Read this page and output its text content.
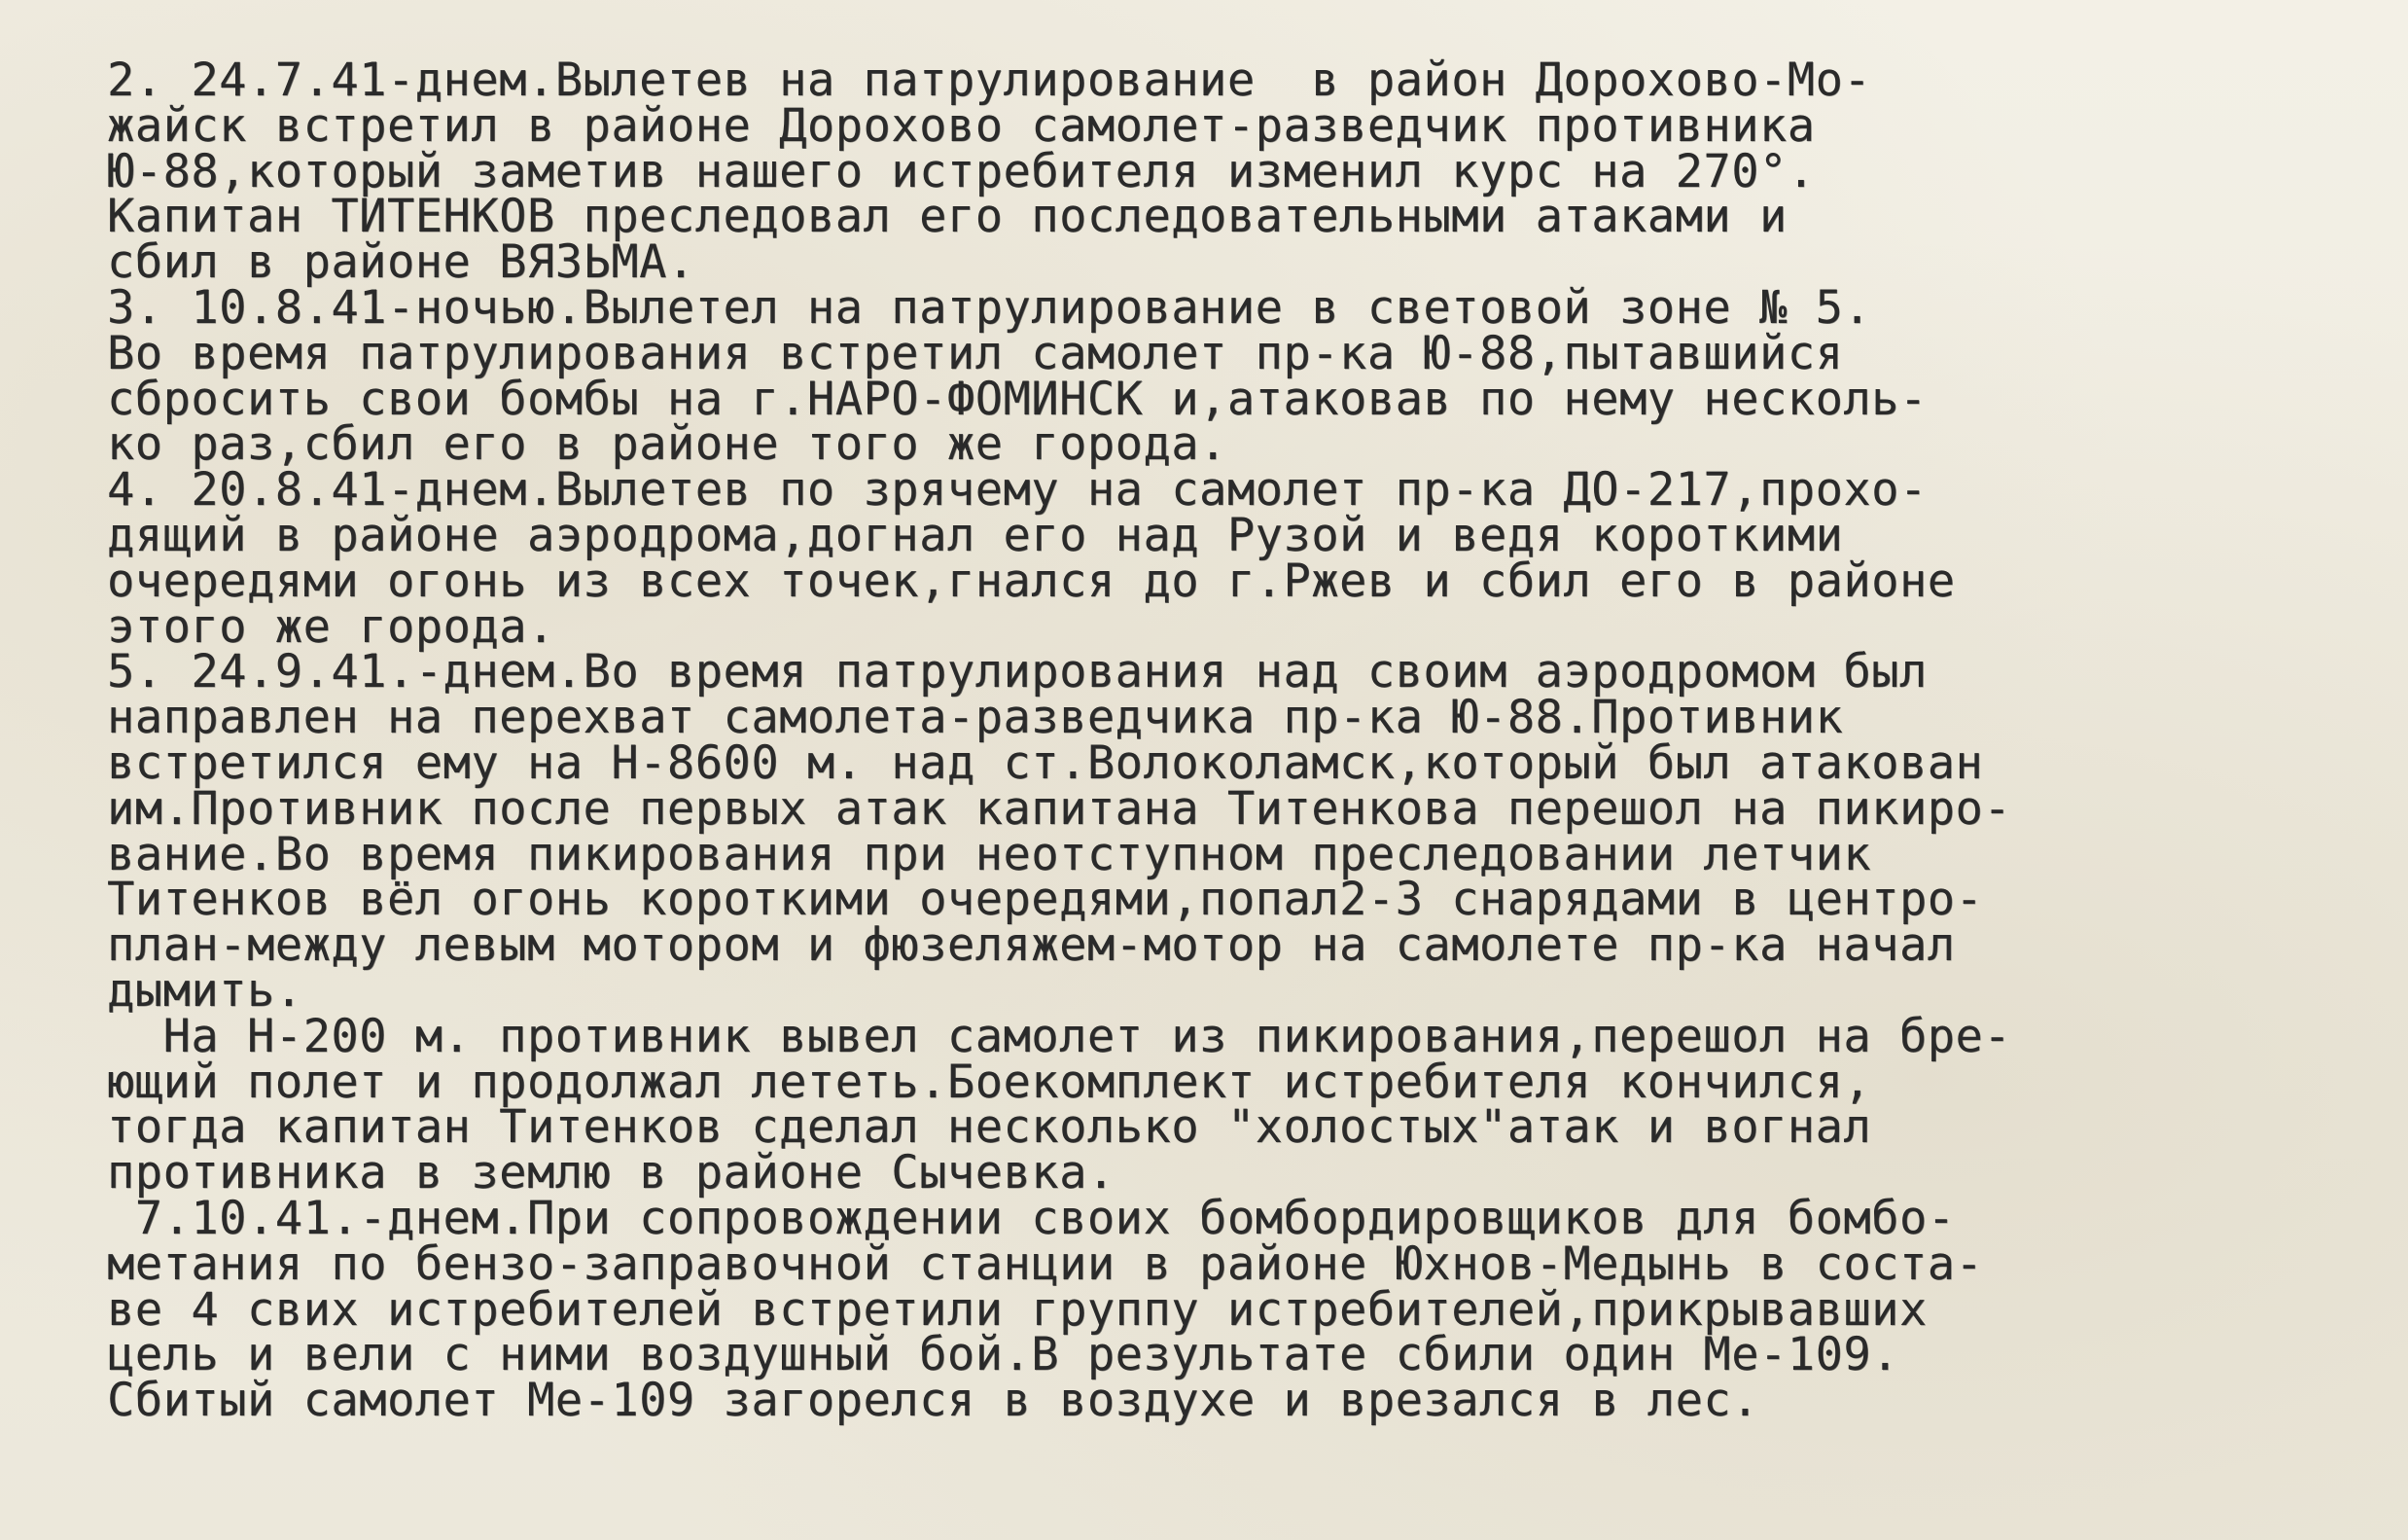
2. 24.7.41-днем.Вылетев на патрулирование  в район Дорохово-Мо-
жайск встретил в районе Дорохово самолет-разведчик противника
Ю-88,который заметив нашего истребителя изменил курс на 270°.
Капитан ТИТЕНКОВ преследовал его последовательными атаками и
сбил в районе ВЯЗЬМА.
3. 10.8.41-ночью.Вылетел на патрулирование в световой зоне № 5.
Во время патрулирования встретил самолет пр-ка Ю-88,пытавшийся
сбросить свои бомбы на г.НАРО-ФОМИНСК и,атаковав по нему несколь-
ко раз,сбил его в районе того же города.
4. 20.8.41-днем.Вылетев по зрячему на самолет пр-ка ДО-217,прохо-
дящий в районе аэродрома,догнал его над Рузой и ведя короткими
очередями огонь из всех точек,гнался до г.Ржев и сбил его в районе
этого же города.
5. 24.9.41.-днем.Во время патрулирования над своим аэродромом был
направлен на перехват самолета-разведчика пр-ка Ю-88.Противник
встретился ему на Н-8600 м. над ст.Волоколамск,который был атакован
им.Противник после первых атак капитана Титенкова перешол на пикиро-
вание.Во время пикирования при неотступном преследовании летчик
Титенков вёл огонь короткими очередями,попал2-3 снарядами в центро-
план-между левым мотором и фюзеляжем-мотор на самолете пр-ка начал
дымить.
На Н-200 м. противник вывел самолет из пикирования,перешол на бре-
ющий полет и продолжал лететь.Боекомплект истребителя кончился,
тогда капитан Титенков сделал несколько "холостых"атак и вогнал
противника в землю в районе Сычевка.
7.10.41.-днем.При сопровождении своих бомбордировщиков для бомбо-
метания по бензо-заправочной станции в районе Юхнов-Медынь в соста-
ве 4 свих истребителей встретили группу истребителей,прикрывавших
цель и вели с ними воздушный бой.В результате сбили один Ме-109.
Сбитый самолет Ме-109 загорелся в воздухе и врезался в лес.
